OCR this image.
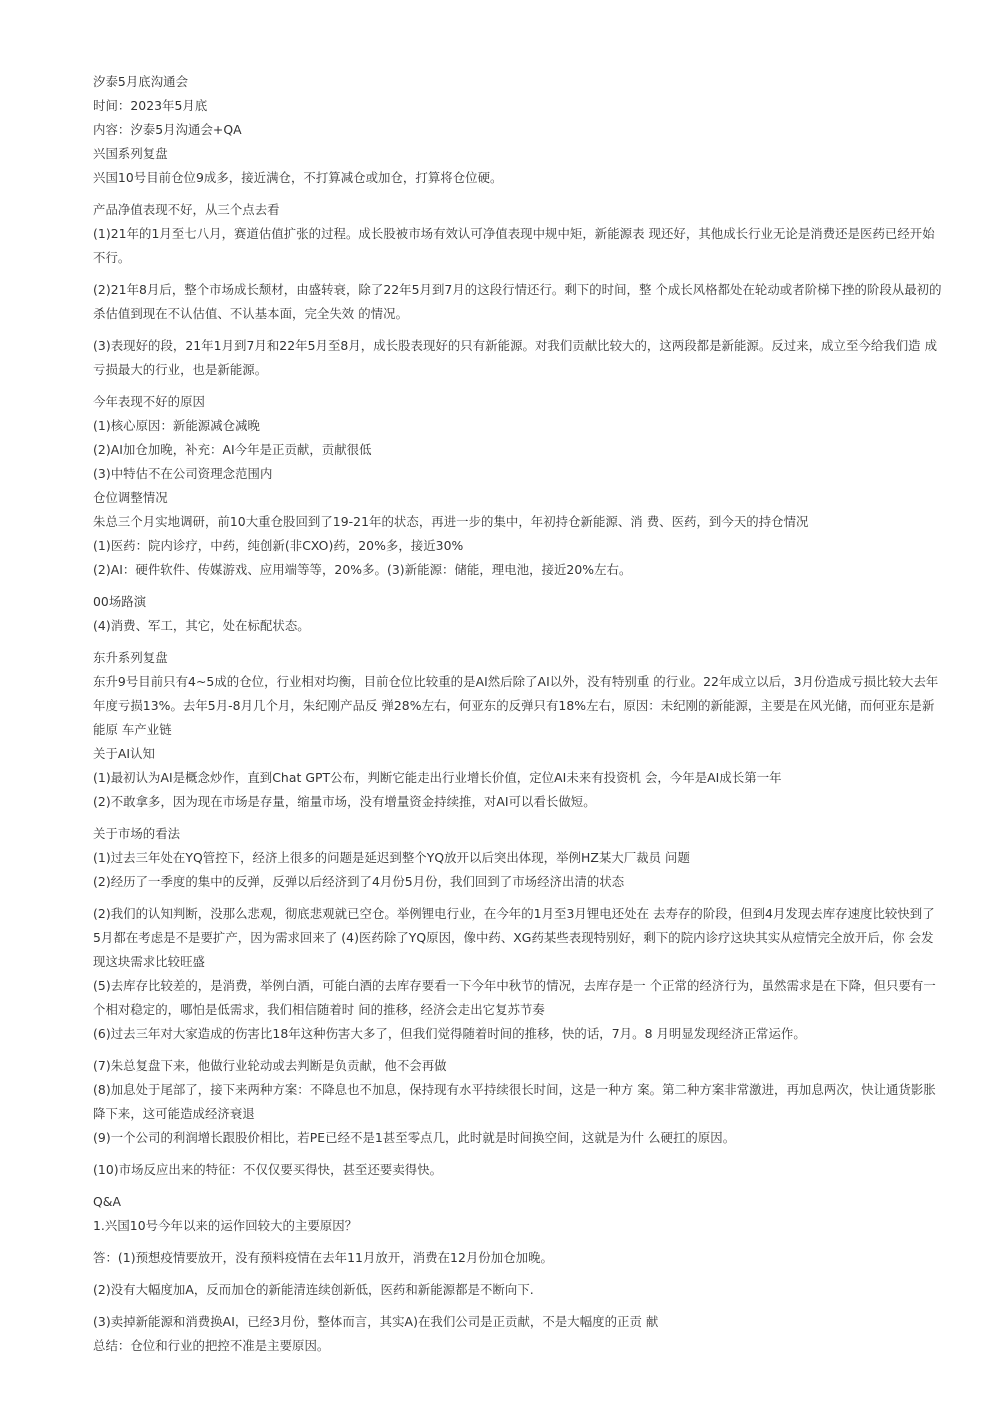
汐泰5月底沟通会

时间：2023年5月底

内容：汐泰5月沟通会+QA

兴国系列复盘

兴国10号目前仓位9成多，接近满仓，不打算减仓或加仓，打算将仓位硬。

产品净值表现不好，从三个点去看

(1)21年的1月至七八月，赛道估值扩张的过程。成长股被市场有效认可净值表现中规中矩，新能源表 现还好，其他成长行业无论是消费还是医药已经开始不行。

(2)21年8月后，整个市场成长颓材，由盛转衰，除了22年5月到7月的这段行情还行。剩下的时间，整 个成长风格都处在轮动或者阶梯下挫的阶段从最初的杀估值到现在不认估值、不认基本面，完全失效 的情况。

(3)表现好的段，21年1月到7月和22年5月至8月，成长股表现好的只有新能源。对我们贡献比较大的，这两段都是新能源。反过来，成立至今给我们造 成亏损最大的行业，也是新能源。

今年表现不好的原因

(1)核心原因：新能源减仓减晚

(2)AI加仓加晚，补充：AI今年是正贡献，贡献很低

(3)中特估不在公司资理念范围内

仓位调整情况

朱总三个月实地调研，前10大重仓股回到了19-21年的状态，再进一步的集中，年初持仓新能源、消 费、医药，到今天的持仓情况

(1)医药：院内诊疗，中药，纯创新(非CXO)药，20%多，接近30%

(2)AI：硬件软件、传媒游戏、应用端等等，20%多。(3)新能源：储能，理电池，接近20%左右。

00场路演

(4)消费、军工，其它，处在标配状态。

东升系列复盘

东升9号目前只有4~5成的仓位，行业相对均衡，目前仓位比较重的是AI然后除了AI以外，没有特别重 的行业。22年成立以后，3月份造成亏损比较大去年年度亏损13%。去年5月-8月几个月，朱纪刚产品反 弹28%左右，何亚东的反弹只有18%左右，原因：未纪刚的新能源，主要是在风光储，而何亚东是新能原 车产业链

关于AI认知

(1)最初认为AI是概念炒作，直到Chat GPT公布，判断它能走出行业增长价值，定位AI未来有投资机 会，今年是AI成长第一年

(2)不敢拿多，因为现在市场是存量，缩量市场，没有增量资金持续推，对AI可以看长做短。

关于市场的看法

(1)过去三年处在YQ管控下，经济上很多的问题是延迟到整个YQ放开以后突出体现，举例HZ某大厂裁员 问题

(2)经历了一季度的集中的反弹，反弹以后经济到了4月份5月份，我们回到了市场经济出清的状态

(2)我们的认知判断，没那么悲观，彻底悲观就已空仓。举例锂电行业，在今年的1月至3月锂电还处在 去寿存的阶段，但到4月发现去库存速度比较快到了5月都在考虑是不是要扩产，因为需求回来了 (4)医药除了YQ原因，像中药、XG药某些表现特别好，剩下的院内诊疗这块其实从痘情完全放开后，你 会发现这块需求比较旺盛

(5)去库存比较差的，是消费，举例白酒，可能白酒的去库存要看一下今年中秋节的情况，去库存是一 个正常的经济行为，虽然需求是在下降，但只要有一个相对稳定的，哪怕是低需求，我们相信随着时 间的推移，经济会走出它复苏节奏

(6)过去三年对大家造成的伤害比18年这种伤害大多了，但我们觉得随着时间的推移，快的话，7月。8 月明显发现经济正常运作。

(7)朱总复盘下来，他做行业轮动或去判断是负贡献，他不会再做

(8)加息处于尾部了，接下来两种方案：不降息也不加息，保持现有水平持续很长时间，这是一种方 案。第二种方案非常激进，再加息两次，快让通货影胀降下来，这可能造成经济衰退

(9)一个公司的利润增长跟股价相比，若PE已经不是1甚至零点几，此时就是时间换空间，这就是为什 么硬扛的原因。

(10)市场反应出来的特征：不仅仅要买得快，甚至还要卖得快。

Q&A

1.兴国10号今年以来的运作回较大的主要原因？

答：(1)预想疫情要放开，没有预料疫情在去年11月放开，消费在12月份加仓加晚。

(2)没有大幅度加A，反而加仓的新能清连续创新低，医药和新能源都是不断向下.

(3)卖掉新能源和消费换AI，已经3月份，整体而言，其实A)在我们公司是正贡献，不是大幅度的正贡 献

总结：仓位和行业的把控不准是主要原因。
